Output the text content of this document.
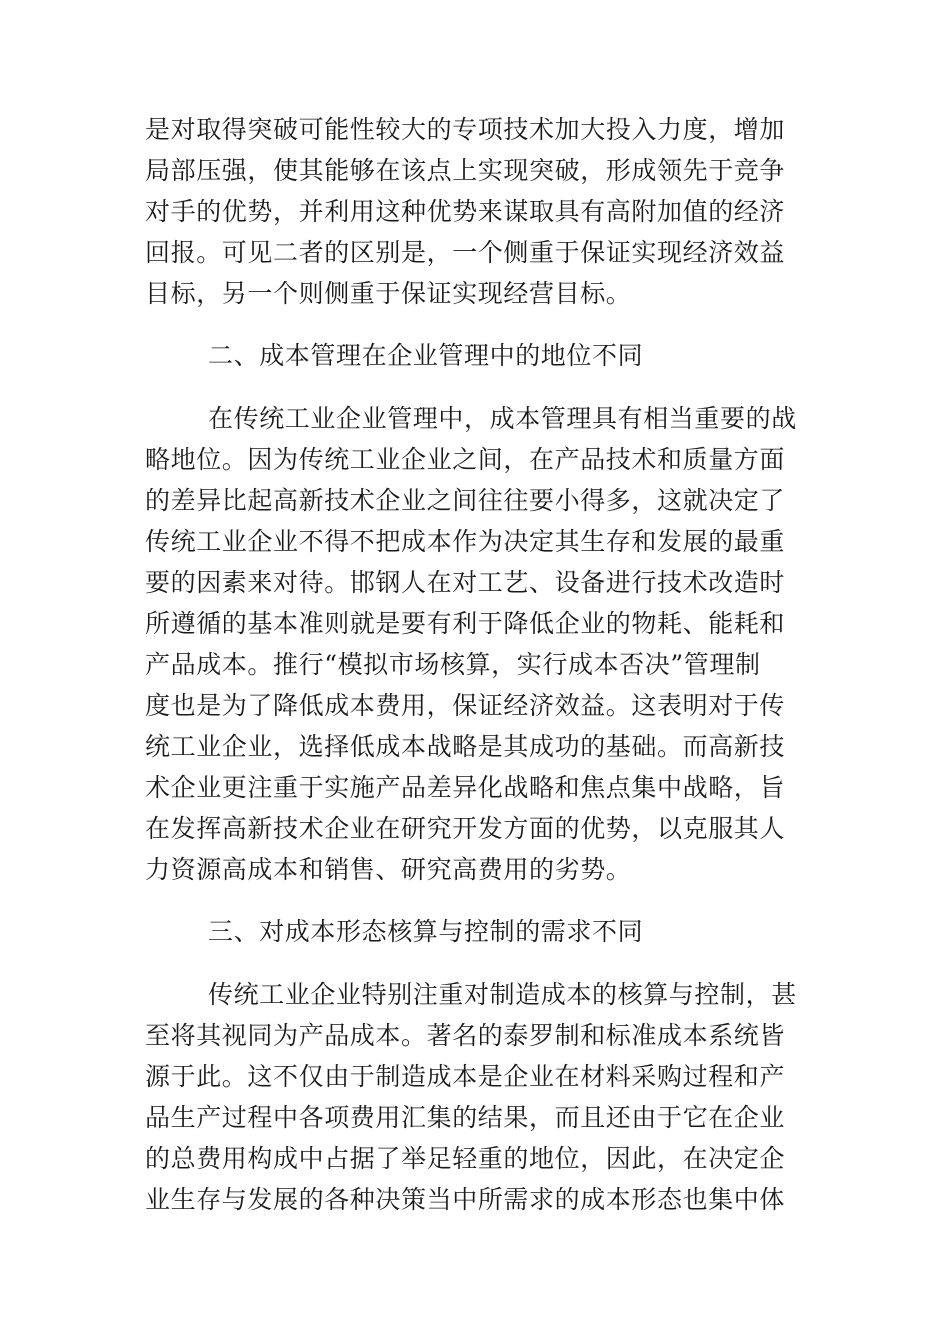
是对取得突破可能性较大的专项技术加大投入力度，增加
局部压强，使其能够在该点上实现突破，形成领先于竞争
对手的优势，并利用这种优势来谋取具有高附加值的经济
回报。可见二者的区别是，一个侧重于保证实现经济效益
目标，另一个则侧重于保证实现经营目标。
二、成本管理在企业管理中的地位不同
在传统工业企业管理中，成本管理具有相当重要的战
略地位。因为传统工业企业之间，在产品技术和质量方面
的差异比起高新技术企业之间往往要小得多，这就决定了
传统工业企业不得不把成本作为决定其生存和发展的最重
要的因素来对待。邯钢人在对工艺、设备进行技术改造时
所遵循的基本准则就是要有利于降低企业的物耗、能耗和
产品成本。推行“模拟市场核算，实行成本否决”管理制
度也是为了降低成本费用，保证经济效益。这表明对于传
统工业企业，选择低成本战略是其成功的基础。而高新技
术企业更注重于实施产品差异化战略和焦点集中战略，旨
在发挥高新技术企业在研究开发方面的优势，以克服其人
力资源高成本和销售、研究高费用的劣势。
三、对成本形态核算与控制的需求不同
传统工业企业特别注重对制造成本的核算与控制，甚
至将其视同为产品成本。著名的泰罗制和标准成本系统皆
源于此。这不仅由于制造成本是企业在材料采购过程和产
品生产过程中各项费用汇集的结果，而且还由于它在企业
的总费用构成中占据了举足轻重的地位，因此，在决定企
业生存与发展的各种决策当中所需求的成本形态也集中体
